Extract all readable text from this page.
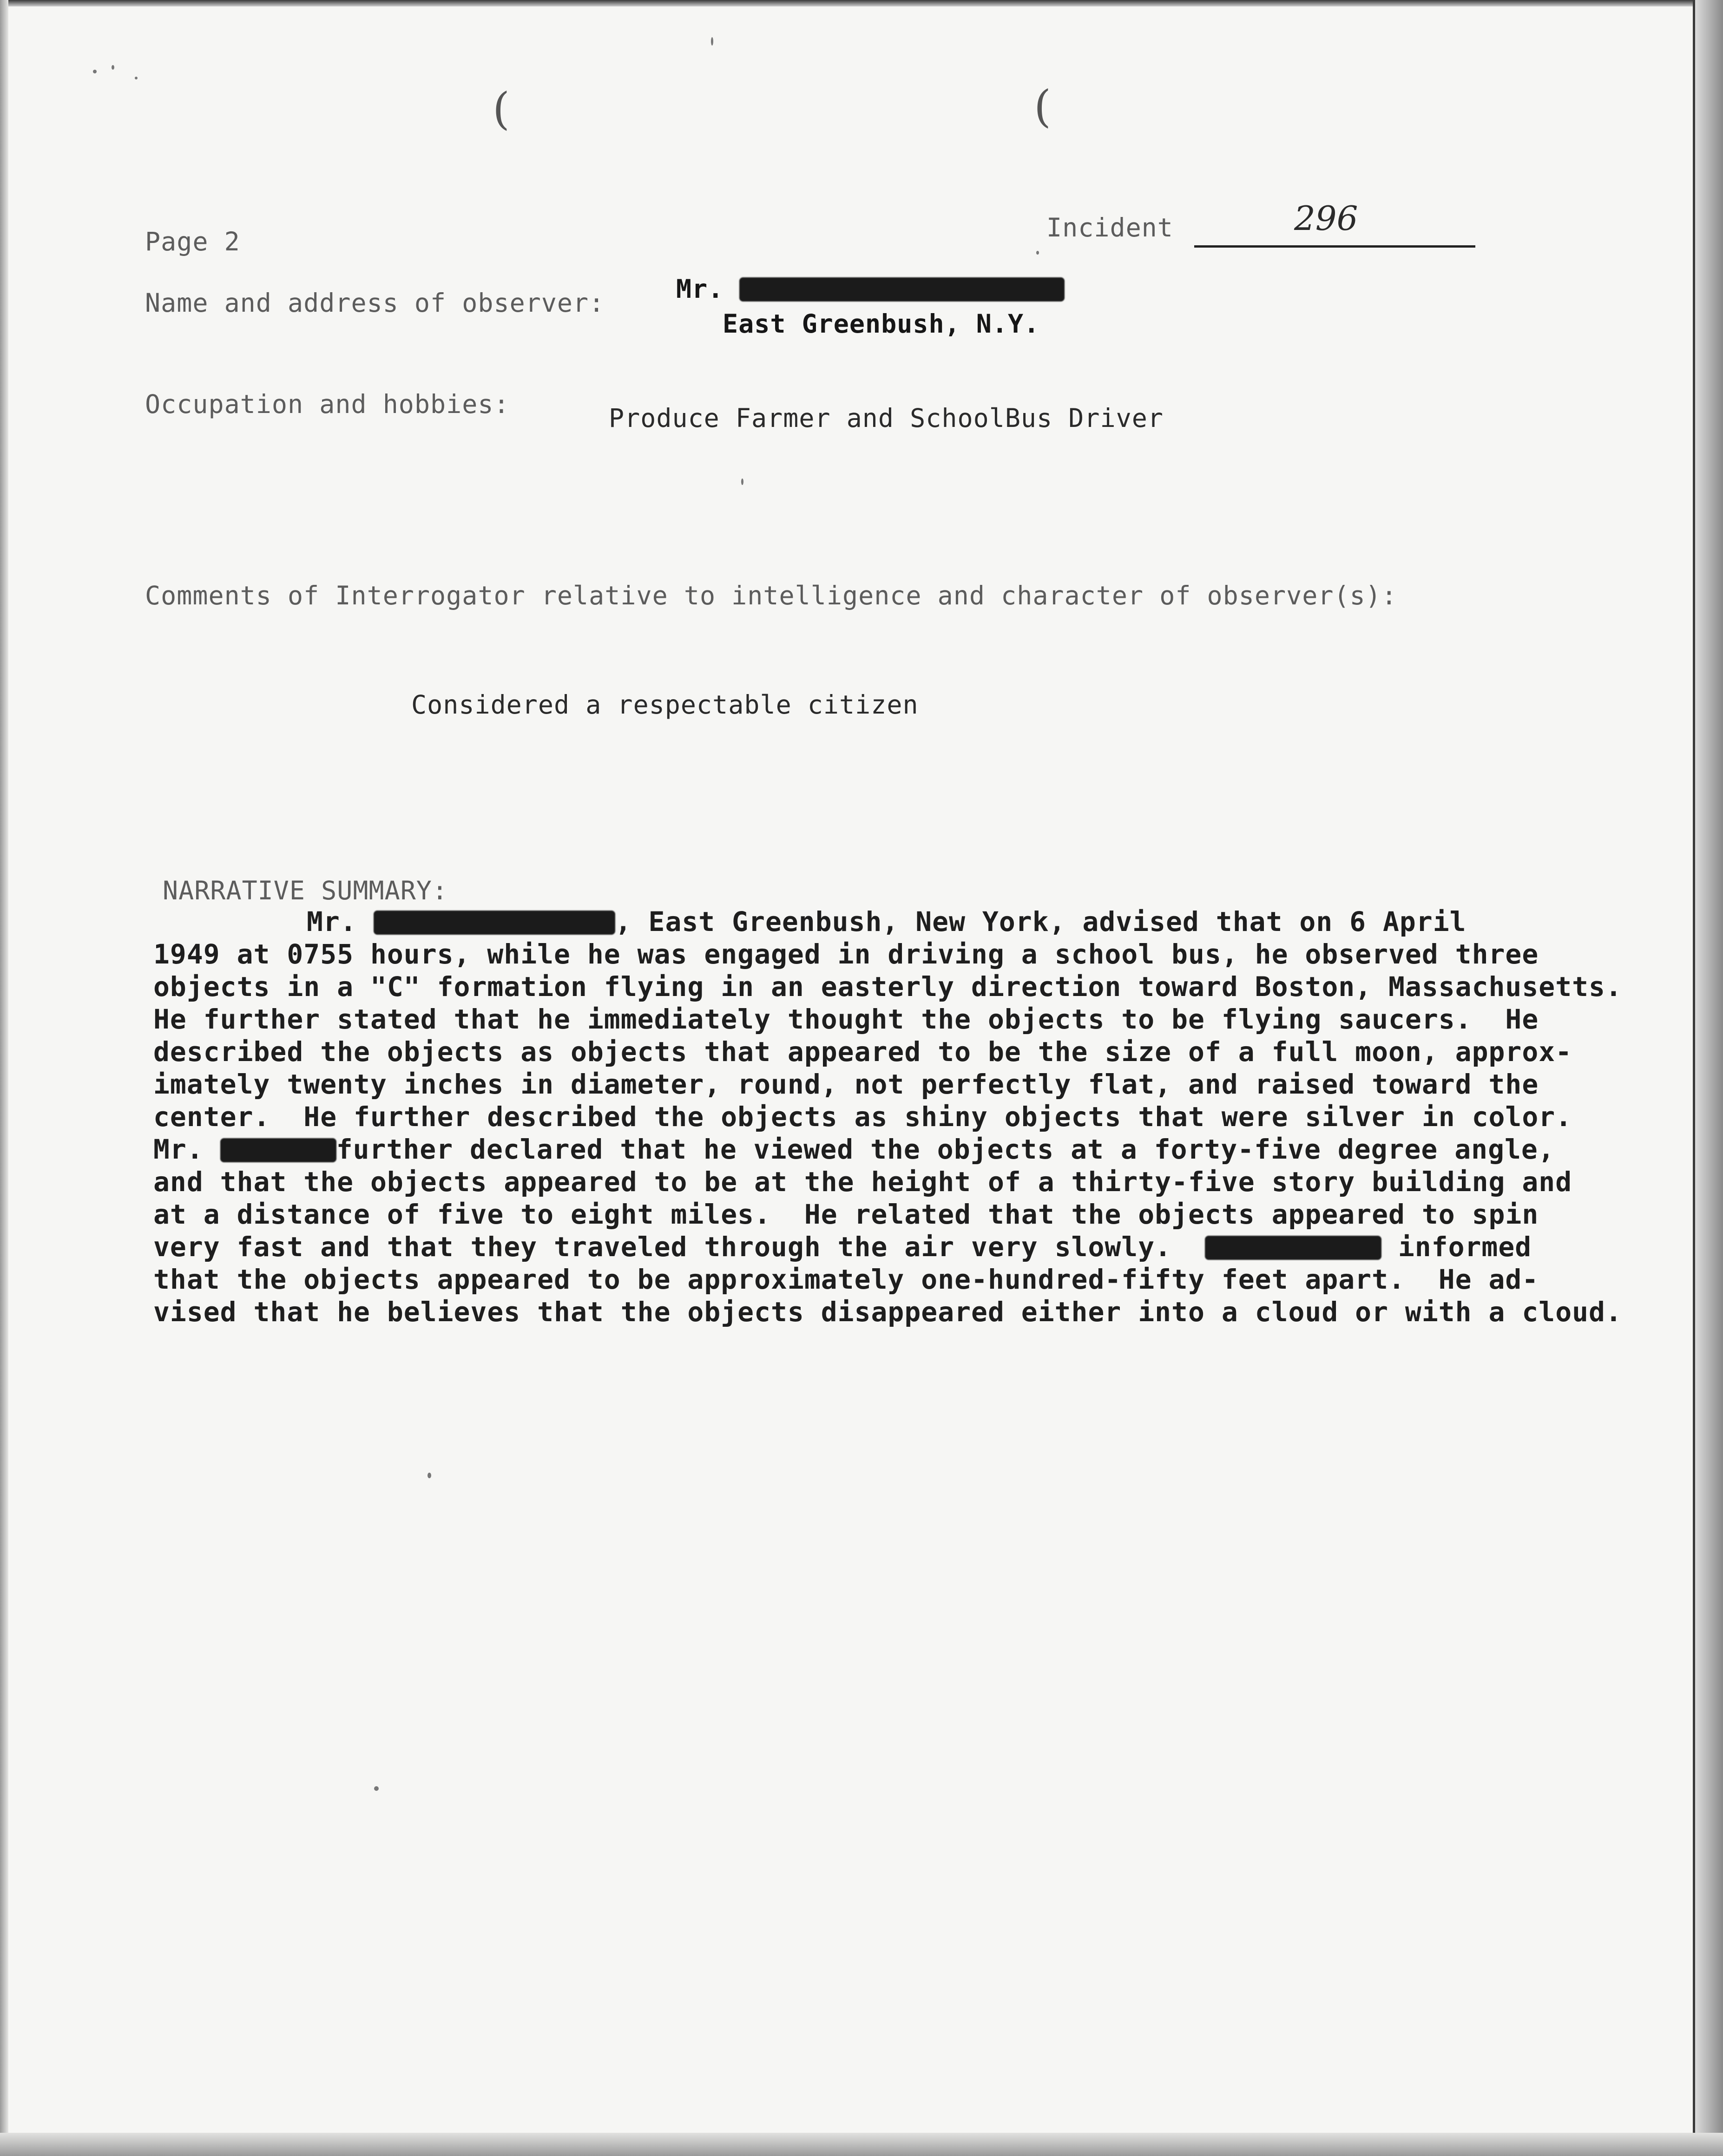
(	(
Page 2	Incident	296
Name and address of observer:	Mr.
East Greenbush, N.Y.
Occupation and hobbies:	Produce Farmer and SchoolBus Driver
Comments of Interrogator relative to intelligence and character of observer(s):
Considered a respectable citizen
NARRATIVE SUMMARY:
Mr.	, East Greenbush, New York, advised that on 6 April
1949 at 0755 hours, while he was engaged in driving a school bus, he observed three
objects in a "C" formation flying in an easterly direction toward Boston, Massachusetts.
He further stated that he immediately thought the objects to be flying saucers.  He
described the objects as objects that appeared to be the size of a full moon, approx-
imately twenty inches in diameter, round, not perfectly flat, and raised toward the
center.  He further described the objects as shiny objects that were silver in color.
Mr.	further declared that he viewed the objects at a forty-five degree angle,
and that the objects appeared to be at the height of a thirty-five story building and
at a distance of five to eight miles.  He related that the objects appeared to spin
very fast and that they traveled through the air very slowly.	informed
that the objects appeared to be approximately one-hundred-fifty feet apart.  He ad-
vised that he believes that the objects disappeared either into a cloud or with a cloud.
